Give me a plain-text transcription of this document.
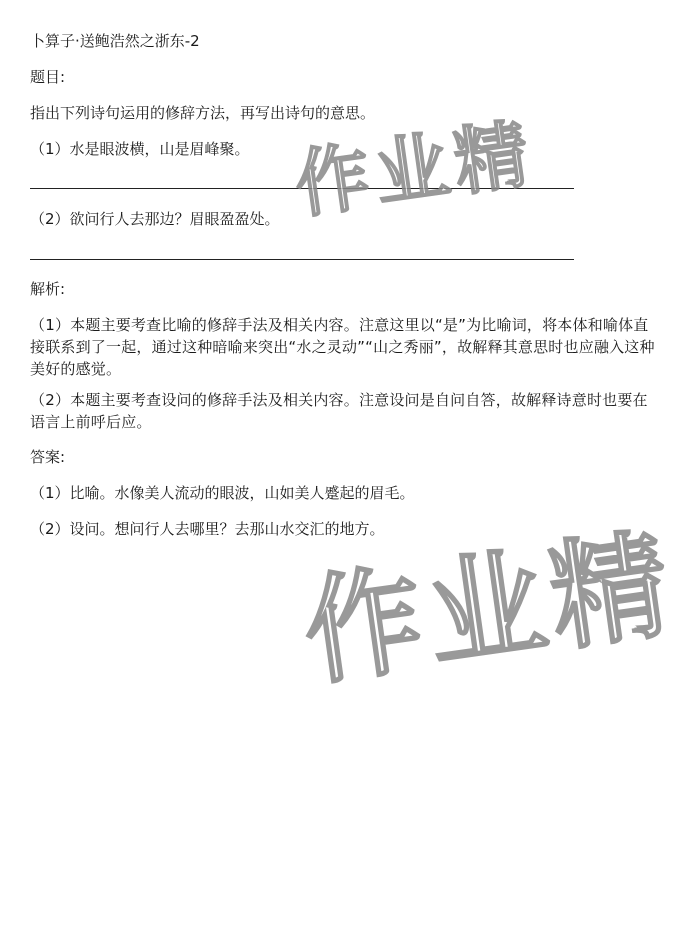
卜算子·送鲍浩然之浙东-2
题目:
指出下列诗句运用的修辞方法，再写出诗句的意思。
（1）水是眼波横，山是眉峰聚。
（2）欲问行人去那边？眉眼盈盈处。
解析:
（1）本题主要考查比喻的修辞手法及相关内容。注意这里以“是”为比喻词，将本体和喻体直接联系到了一起，通过这种暗喻来突出“水之灵动”“山之秀丽”，故解释其意思时也应融入这种美好的感觉。
（2）本题主要考查设问的修辞手法及相关内容。注意设问是自问自答，故解释诗意时也要在语言上前呼后应。
答案:
（1）比喻。水像美人流动的眼波，山如美人蹙起的眉毛。
（2）设问。想问行人去哪里？去那山水交汇的地方。
作业精
作业精
